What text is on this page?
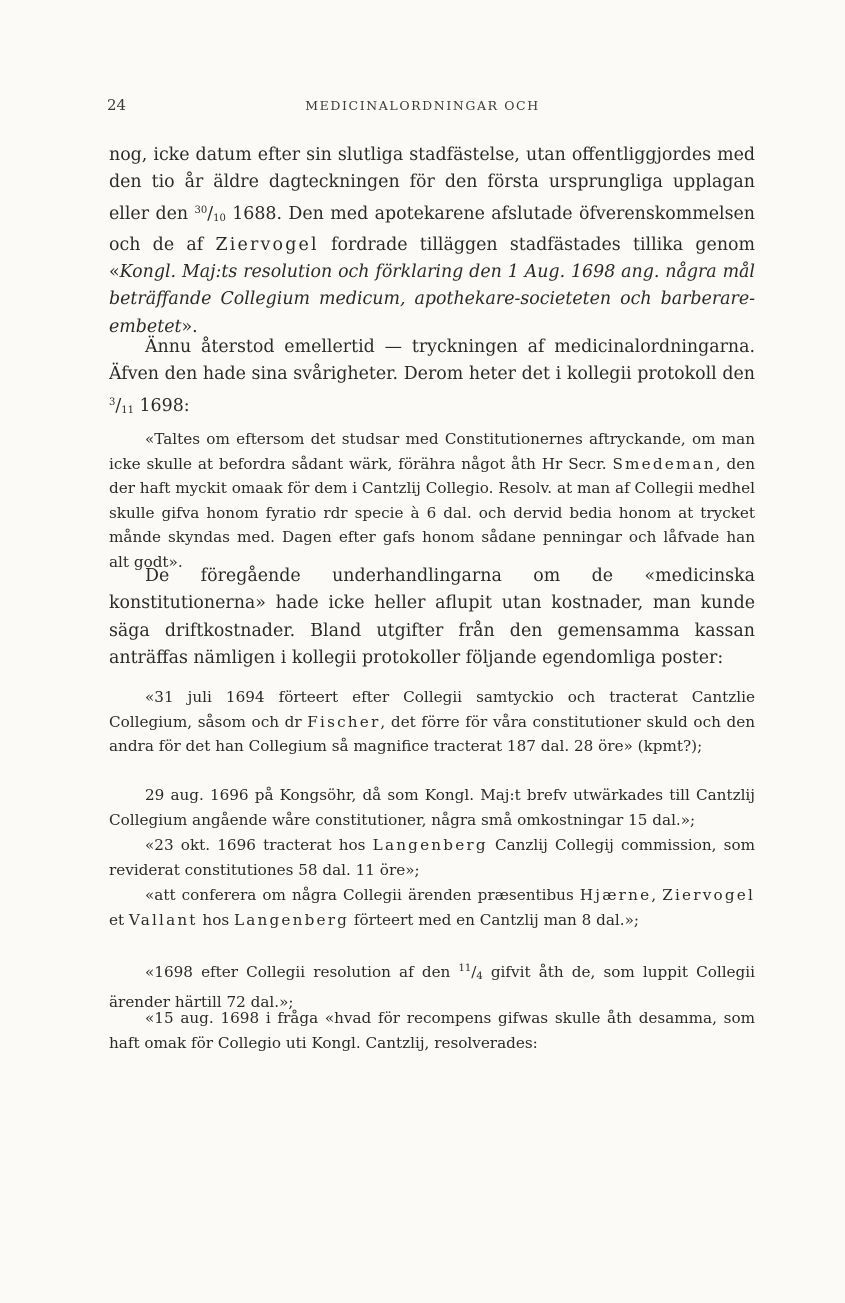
24	MEDICINALORDNINGAR OCH

nog, icke datum efter sin slutliga stadfästelse, utan offentliggjordes med den tio år äldre dagteckningen för den första ursprungliga upplagan eller den $^{30}/_{10}$ 1688. Den med apotekarene afslutade öfverenskommelsen och de af Ziervogel fordrade tilläggen stadfästades tillika genom «Kongl. Maj:ts resolution och förklaring den 1 Aug. 1698 ang. några mål beträffande Collegium medicum, apothekare-societeten och barberare-embetet».

Ännu återstod emellertid — tryckningen af medicinalordningarna. Äfven den hade sina svårigheter. Derom heter det i kollegii protokoll den $^3/_{11}$ 1698:

«Taltes om eftersom det studsar med Constitutionernes aftryckande, om man icke skulle at befordra sådant wärk, förähra något åth Hr Secr. Smedeman, den der haft myckit omaak för dem i Cantzlij Collegio. Resolv. at man af Collegii medhel skulle gifva honom fyratio rdr specie à 6 dal. och dervid bedia honom at trycket månde skyndas med. Dagen efter gafs honom sådane penningar och låfvade han alt godt».

De föregående underhandlingarna om de «medicinska konstitutionerna» hade icke heller aflupit utan kostnader, man kunde säga driftkostnader. Bland utgifter från den gemensamma kassan anträffas nämligen i kollegii protokoller följande egendomliga poster:

«31 juli 1694 förteert efter Collegii samtyckio och tracterat Cantzlie Collegium, såsom och dr Fischer, det förre för våra constitutioner skuld och den andra för det han Collegium så magnifice tracterat 187 dal. 28 öre» (kpmt?);

29 aug. 1696 på Kongsöhr, då som Kongl. Maj:t brefv utwärkades till Cantzlij Collegium angående wåre constitutioner, några små omkostningar 15 dal.»;

«23 okt. 1696 tracterat hos Langenberg Canzlij Collegij commission, som reviderat constitutiones 58 dal. 11 öre»;

«att conferera om några Collegii ärenden præsentibus Hjærne, Ziervogel et Vallant hos Langenberg förteert med en Cantzlij man 8 dal.»;

«1698 efter Collegii resolution af den $^{11}/_4$ gifvit åth de, som luppit Collegii ärender härtill 72 dal.»;

«15 aug. 1698 i fråga «hvad för recompens gifwas skulle åth desamma, som haft omak för Collegio uti Kongl. Cantzlij, resolverades:
